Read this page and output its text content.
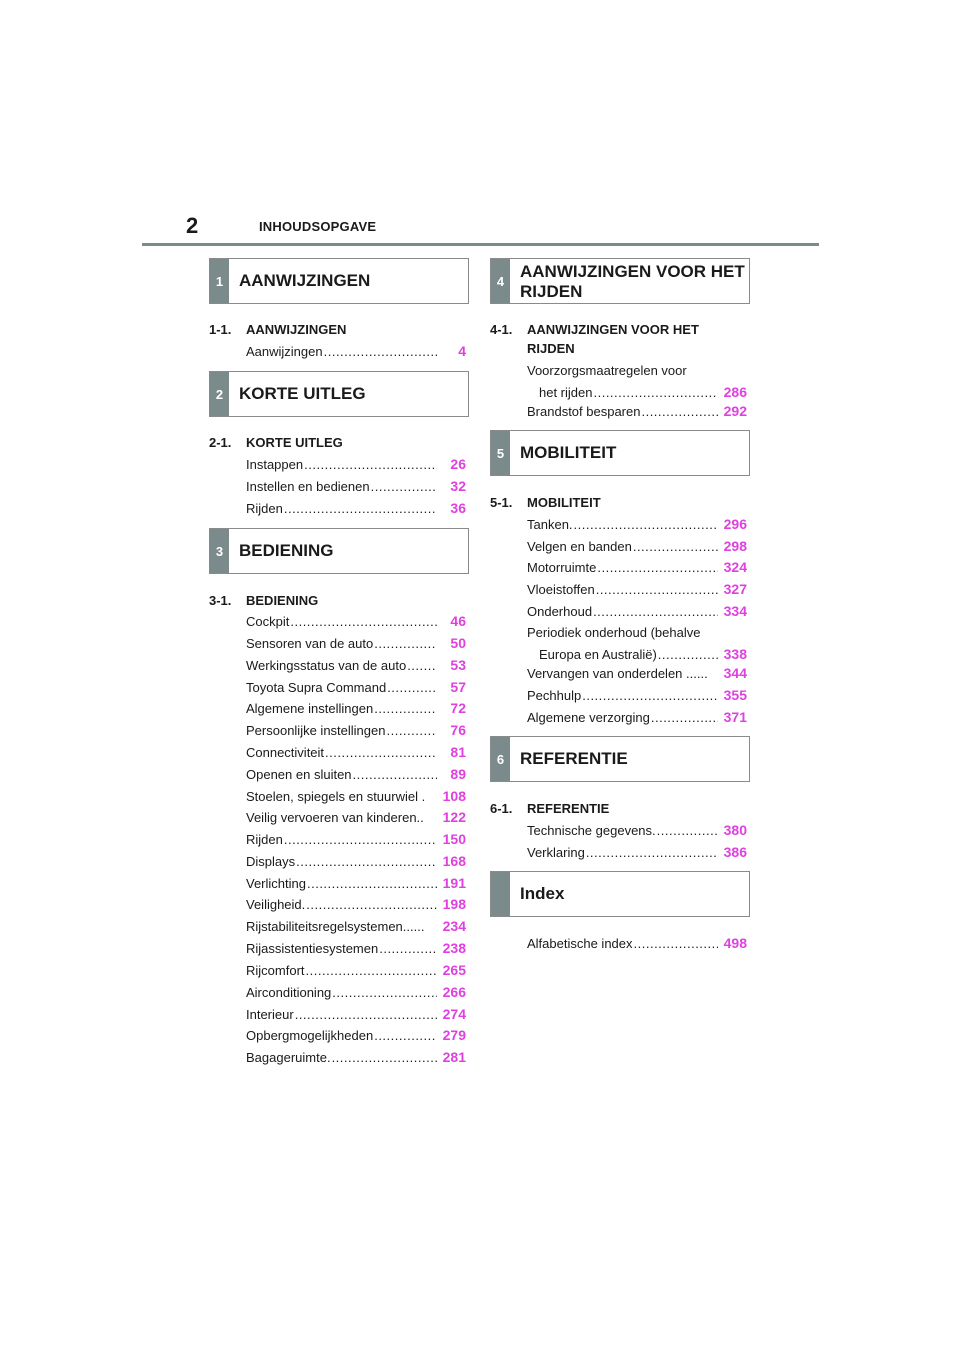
2	INHOUDSOPGAVE
1 AANWIJZINGEN
1-1. AANWIJZINGEN
Aanwijzingen .....	4
2 KORTE UITLEG
2-1. KORTE UITLEG
Instappen .....	26
Instellen en bedienen .....	32
Rijden .....	36
3 BEDIENING
3-1. BEDIENING
Cockpit .....	46
Sensoren van de auto .....	50
Werkingsstatus van de auto .....	53
Toyota Supra Command .....	57
Algemene instellingen .....	72
Persoonlijke instellingen .....	76
Connectiviteit .....	81
Openen en sluiten .....	89
Stoelen, spiegels en stuurwiel .	108
Veilig vervoeren van kinderen..	122
Rijden .....	150
Displays .....	168
Verlichting .....	191
Veiligheid. .....	198
Rijstabiliteitsregelsystemen......	234
Rijassistentiesystemen .....	238
Rijcomfort .....	265
Airconditioning .....	266
Interieur .....	274
Opbergmogelijkheden .....	279
Bagageruimte. .....	281
4 AANWIJZINGEN VOOR HET
RIJDEN
4-1. AANWIJZINGEN VOOR HET
RIJDEN
Voorzorgsmaatregelen voor
het rijden .....	286
Brandstof besparen .....	292
5 MOBILITEIT
5-1. MOBILITEIT
Tanken. .....	296
Velgen en banden .....	298
Motorruimte .....	324
Vloeistoffen .....	327
Onderhoud .....	334
Periodiek onderhoud (behalve
Europa en Australië) .....	338
Vervangen van onderdelen ......	344
Pechhulp .....	355
Algemene verzorging .....	371
6 REFERENTIE
6-1. REFERENTIE
Technische gegevens. .....	380
Verklaring .....	386
Index
Alfabetische index .....	498
